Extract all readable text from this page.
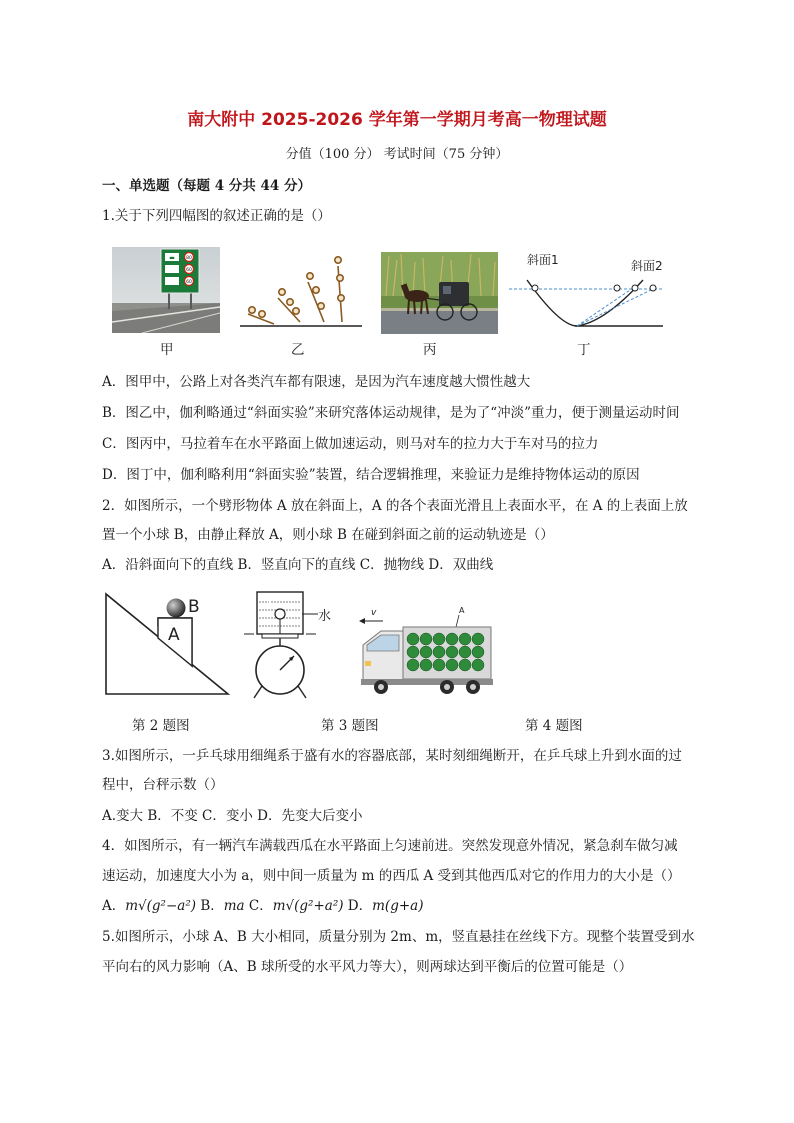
南大附中 2025-2026 学年第一学期月考高一物理试题
分值（100 分） 考试时间（75 分钟）
一、单选题（每题 4 分共 44 分）
1.关于下列四幅图的叙述正确的是（）
▬	80
60
60
甲	乙	丙
斜面1	斜面2
丁
A．图甲中，公路上对各类汽车都有限速，是因为汽车速度越大惯性越大
B．图乙中，伽利略通过“斜面实验”来研究落体运动规律，是为了“冲淡”重力，便于测量运动时间
C．图丙中，马拉着车在水平路面上做加速运动，则马对车的拉力大于车对马的拉力
D．图丁中，伽利略利用“斜面实验”装置，结合逻辑推理，来验证力是维持物体运动的原因
2．如图所示，一个劈形物体 A 放在斜面上，A 的各个表面光滑且上表面水平，在 A 的上表面上放
置一个小球 B，由静止释放 A，则小球 B 在碰到斜面之前的运动轨迹是（）
A．沿斜面向下的直线 B．竖直向下的直线 C．抛物线 D．双曲线
B
A
水	v	A
第 2 题图	第 3 题图	第 4 题图
3.如图所示，一乒乓球用细绳系于盛有水的容器底部，某时刻细绳断开，在乒乓球上升到水面的过
程中，台秤示数（）
A.变大 B．不变 C．变小 D．先变大后变小
4．如图所示，有一辆汽车满载西瓜在水平路面上匀速前进。突然发现意外情况，紧急刹车做匀减
速运动，加速度大小为 a，则中间一质量为 m 的西瓜 A 受到其他西瓜对它的作用力的大小是（）
A．m√(g²−a²) B．ma C．m√(g²+a²) D．m(g+a)
5.如图所示，小球 A、B 大小相同，质量分别为 2m、m，竖直悬挂在丝线下方。现整个装置受到水
平向右的风力影响（A、B 球所受的水平风力等大），则两球达到平衡后的位置可能是（）
